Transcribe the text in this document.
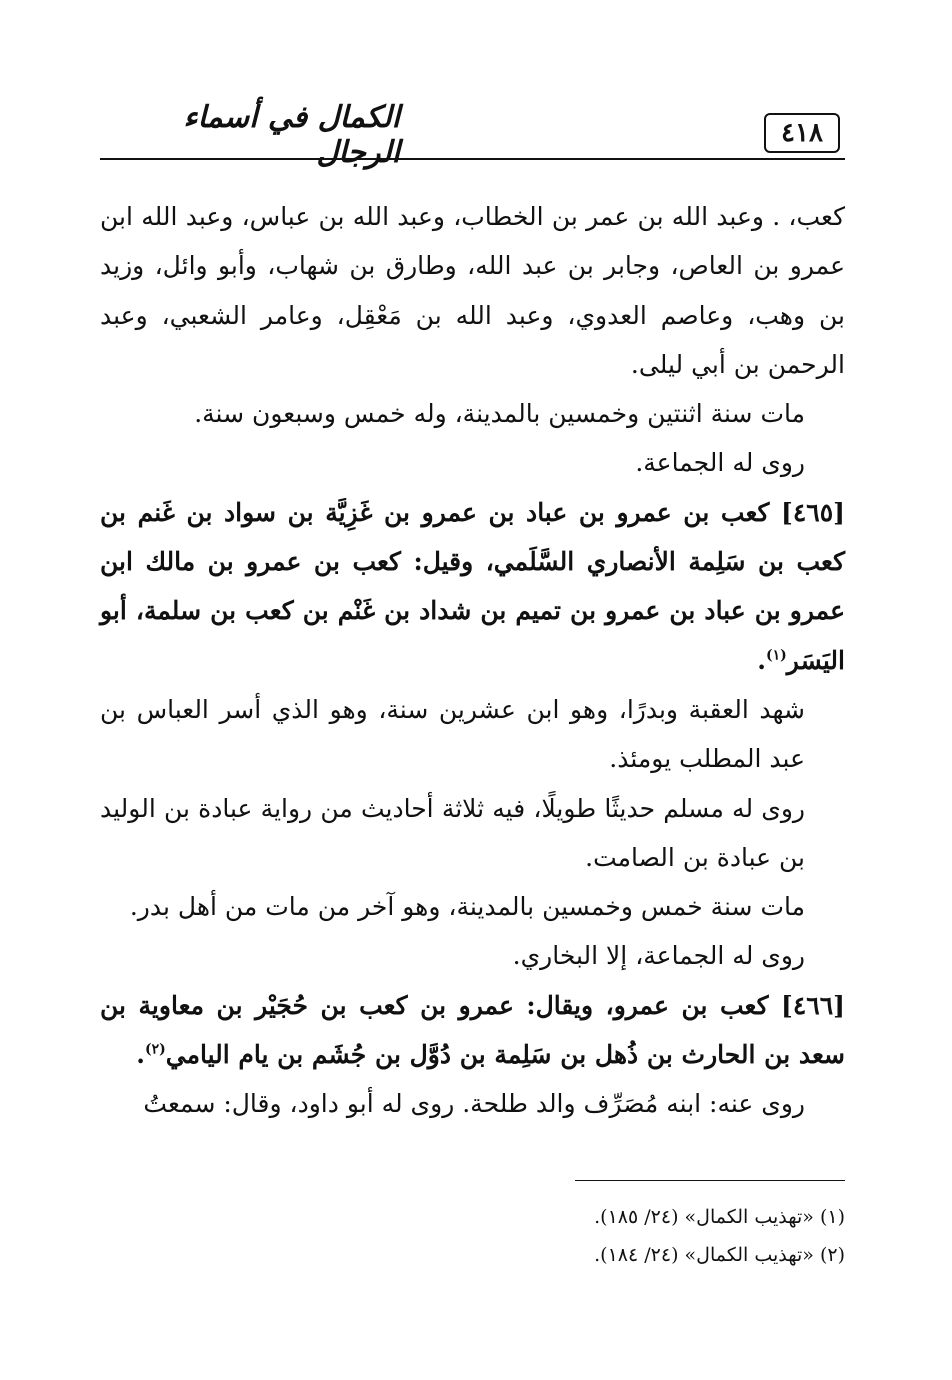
٤١٨
الكمال في أسماء الرجال

كعب، . وعبد الله بن عمر بن الخطاب، وعبد الله بن عباس، وعبد الله ابن عمرو بن العاص، وجابر بن عبد الله، وطارق بن شهاب، وأبو وائل، وزيد بن وهب، وعاصم العدوي، وعبد الله بن مَعْقِل، وعامر الشعبي، وعبد الرحمن بن أبي ليلى.

مات سنة اثنتين وخمسين بالمدينة، وله خمس وسبعون سنة.

روى له الجماعة.

[٤٦٥] كعب بن عمرو بن عباد بن عمرو بن غَزِيَّة بن سواد بن غَنم بن كعب بن سَلِمة الأنصاري السَّلَمي، وقيل: كعب بن عمرو بن مالك ابن عمرو بن عباد بن عمرو بن تميم بن شداد بن غَنْم بن كعب بن سلمة، أبو اليَسَر$^{(١)}$.

شهد العقبة وبدرًا، وهو ابن عشرين سنة، وهو الذي أسر العباس بن عبد المطلب يومئذ.

روى له مسلم حديثًا طويلًا، فيه ثلاثة أحاديث من رواية عبادة بن الوليد بن عبادة بن الصامت.

مات سنة خمس وخمسين بالمدينة، وهو آخر من مات من أهل بدر.

روى له الجماعة، إلا البخاري.

[٤٦٦] كعب بن عمرو، ويقال: عمرو بن كعب بن حُجَيْر بن معاوية بن سعد بن الحارث بن ذُهل بن سَلِمة بن دُوَّل بن جُشَم بن يام اليامي$^{(٢)}$.

روى عنه: ابنه مُصَرِّف والد طلحة. روى له أبو داود، وقال: سمعتُ

(١) «تهذيب الكمال» (٢٤/ ١٨٥).

(٢) «تهذيب الكمال» (٢٤/ ١٨٤).
